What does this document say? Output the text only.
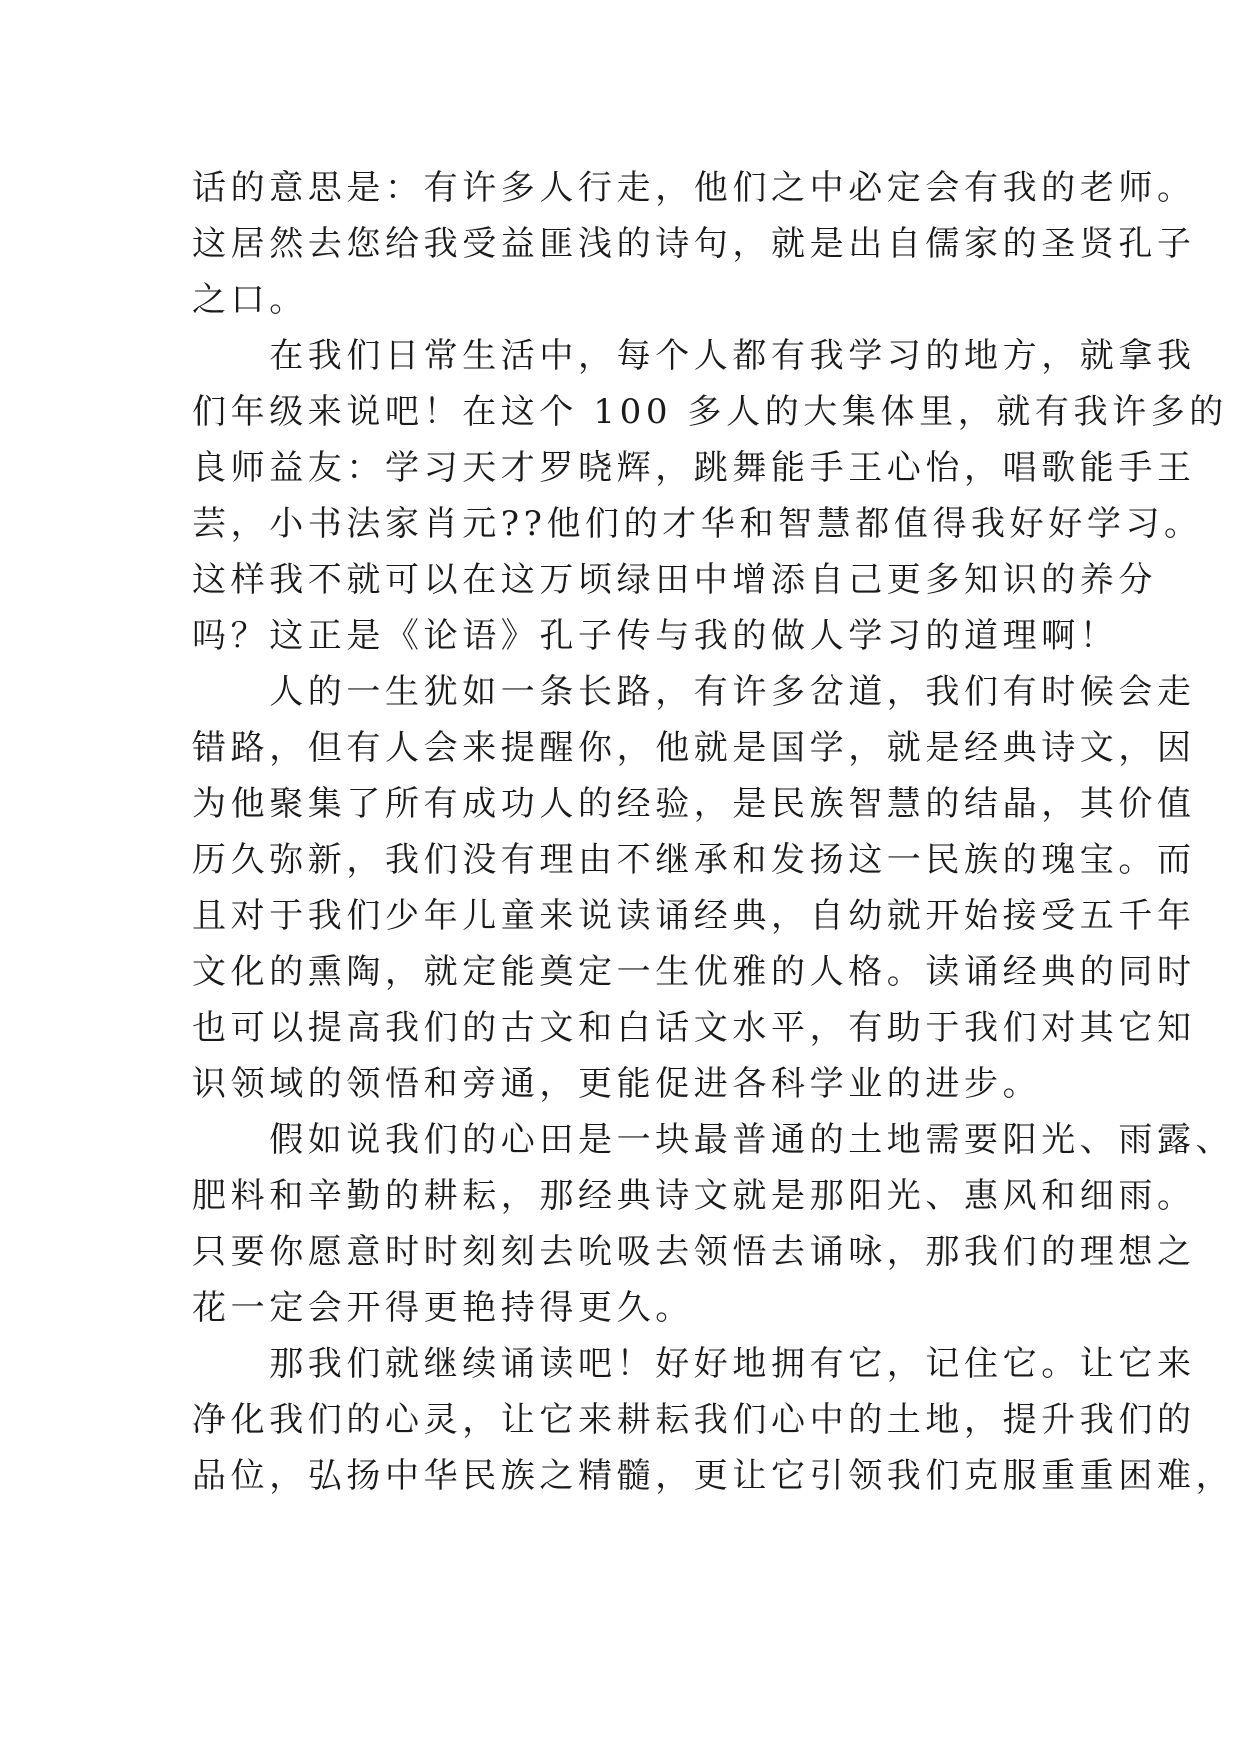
话的意思是：有许多人行走，他们之中必定会有我的老师。
这居然去您给我受益匪浅的诗句，就是出自儒家的圣贤孔子
之口。
　　在我们日常生活中，每个人都有我学习的地方，就拿我
们年级来说吧！在这个 100 多人的大集体里，就有我许多的
良师益友：学习天才罗晓辉，跳舞能手王心怡，唱歌能手王
芸，小书法家肖元??他们的才华和智慧都值得我好好学习。
这样我不就可以在这万顷绿田中增添自己更多知识的养分
吗？这正是《论语》孔子传与我的做人学习的道理啊！
　　人的一生犹如一条长路，有许多岔道，我们有时候会走
错路，但有人会来提醒你，他就是国学，就是经典诗文，因
为他聚集了所有成功人的经验，是民族智慧的结晶，其价值
历久弥新，我们没有理由不继承和发扬这一民族的瑰宝。而
且对于我们少年儿童来说读诵经典，自幼就开始接受五千年
文化的熏陶，就定能奠定一生优雅的人格。读诵经典的同时
也可以提高我们的古文和白话文水平，有助于我们对其它知
识领域的领悟和旁通，更能促进各科学业的进步。
　　假如说我们的心田是一块最普通的土地需要阳光、雨露、
肥料和辛勤的耕耘，那经典诗文就是那阳光、惠风和细雨。
只要你愿意时时刻刻去吮吸去领悟去诵咏，那我们的理想之
花一定会开得更艳持得更久。
　　那我们就继续诵读吧！好好地拥有它，记住它。让它来
净化我们的心灵，让它来耕耘我们心中的土地，提升我们的
品位，弘扬中华民族之精髓，更让它引领我们克服重重困难，
